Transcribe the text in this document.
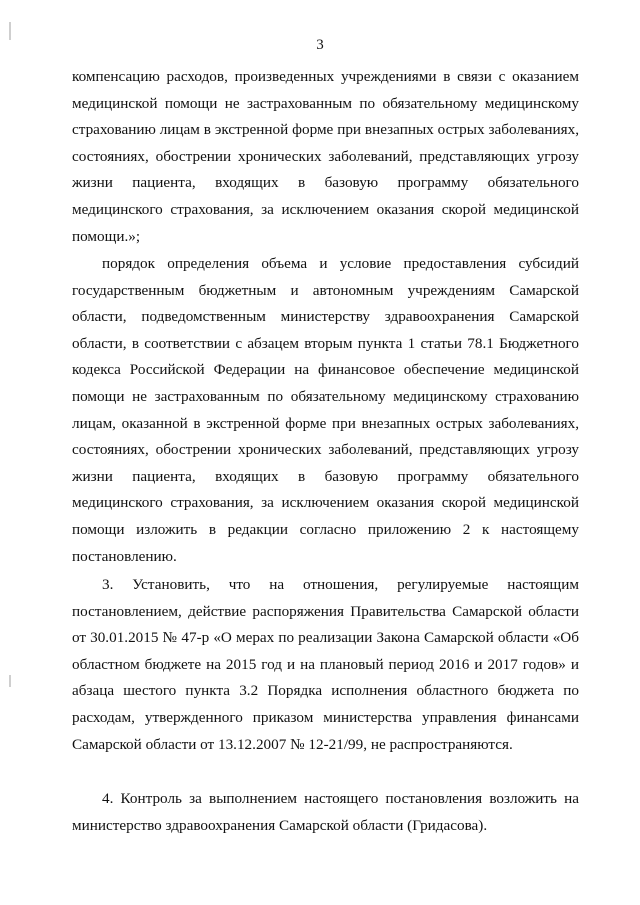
3

компенсацию расходов, произведенных учреждениями в связи с оказанием медицинской помощи не застрахованным по обязательному медицинскому страхованию лицам в экстренной форме при внезапных острых заболеваниях, состояниях, обострении хронических заболеваний, представляющих угрозу жизни пациента, входящих в базовую программу обязательного медицинского страхования, за исключением оказания скорой медицинской помощи.»;

порядок определения объема и условие предоставления субсидий государственным бюджетным и автономным учреждениям Самарской области, подведомственным министерству здравоохранения Самарской области, в соответствии с абзацем вторым пункта 1 статьи 78.1 Бюджетного кодекса Российской Федерации на финансовое обеспечение медицинской помощи не застрахованным по обязательному медицинскому страхованию лицам, оказанной в экстренной форме при внезапных острых заболеваниях, состояниях, обострении хронических заболеваний, представляющих угрозу жизни пациента, входящих в базовую программу обязательного медицинского страхования, за исключением оказания скорой медицинской помощи изложить в редакции согласно приложению 2 к настоящему постановлению.

3. Установить, что на отношения, регулируемые настоящим постановлением, действие распоряжения Правительства Самарской области от 30.01.2015 № 47-р «О мерах по реализации Закона Самарской области «Об областном бюджете на 2015 год и на плановый период 2016 и 2017 годов» и абзаца шестого пункта 3.2 Порядка исполнения областного бюджета по расходам, утвержденного приказом министерства управления финансами Самарской области от 13.12.2007 № 12-21/99, не распространяются.

4. Контроль за выполнением настоящего постановления возложить на министерство здравоохранения Самарской области (Гридасова).
